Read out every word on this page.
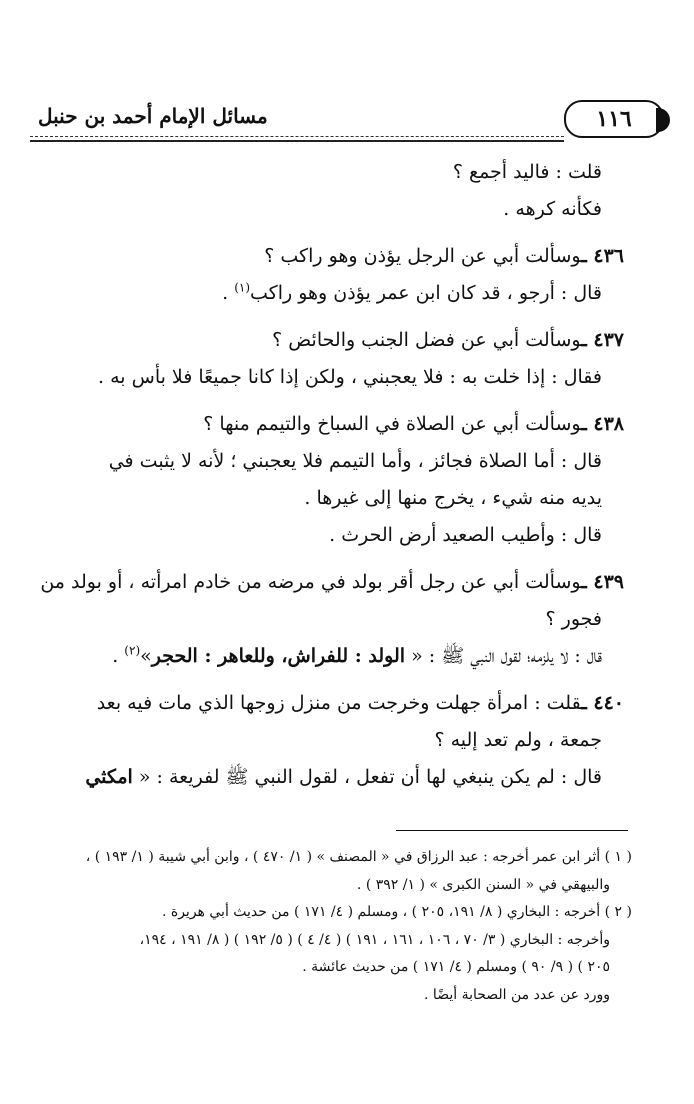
١١٦
مسائل الإمام أحمد بن حنبل
قلت : فاليد أجمع ؟
فكأنه كرهه .
٤٣٦ ـوسألت أبي عن الرجل يؤذن وهو راكب ؟
قال : أرجو ، قد كان ابن عمر يؤذن وهو راكب$^{(١)}$ .
٤٣٧ ـوسألت أبي عن فضل الجنب والحائض ؟
فقال : إذا خلت به : فلا يعجبني ، ولكن إذا كانا جميعًا فلا بأس به .
٤٣٨ ـوسألت أبي عن الصلاة في السباخ والتيمم منها ؟
قال : أما الصلاة فجائز ، وأما التيمم فلا يعجبني ؛ لأنه لا يثبت في
يديه منه شيء ، يخرج منها إلى غيرها .
قال : وأطيب الصعيد أرض الحرث .
٤٣٩ ـوسألت أبي عن رجل أقر بولد في مرضه من خادم امرأته ، أو بولد من
فجور ؟
قال : لا يلزمه؛ لقول النبي ﷺ : « الولد : للفراش، وللعاهر : الحجر»$^{(٢)}$ .
٤٤٠ ـقلت : امرأة جهلت وخرجت من منزل زوجها الذي مات فيه بعد
جمعة ، ولم تعد إليه ؟
قال : لم يكن ينبغي لها أن تفعل ، لقول النبي ﷺ لفريعة : « امكثي
( ١ ) أثر ابن عمر أخرجه : عبد الرزاق في « المصنف » ( ١/ ٤٧٠ ) ، وابن أبي شيبة ( ١/ ١٩٣ ) ،
والبيهقي في « السنن الكبرى » ( ١/ ٣٩٢ ) .
( ٢ ) أخرجه : البخاري ( ٨/ ١٩١، ٢٠٥ ) ، ومسلم ( ٤/ ١٧١ ) من حديث أبي هريرة .
وأخرجه : البخاري ( ٣/ ٧٠ ، ١٠٦ ، ١٦١ ، ١٩١ ) ( ٤/ ٤ ) ( ٥/ ١٩٢ ) ( ٨/ ١٩١ ، ١٩٤،
٢٠٥ ) ( ٩/ ٩٠ ) ومسلم ( ٤/ ١٧١ ) من حديث عائشة .
وورد عن عدد من الصحابة أيضًا .
